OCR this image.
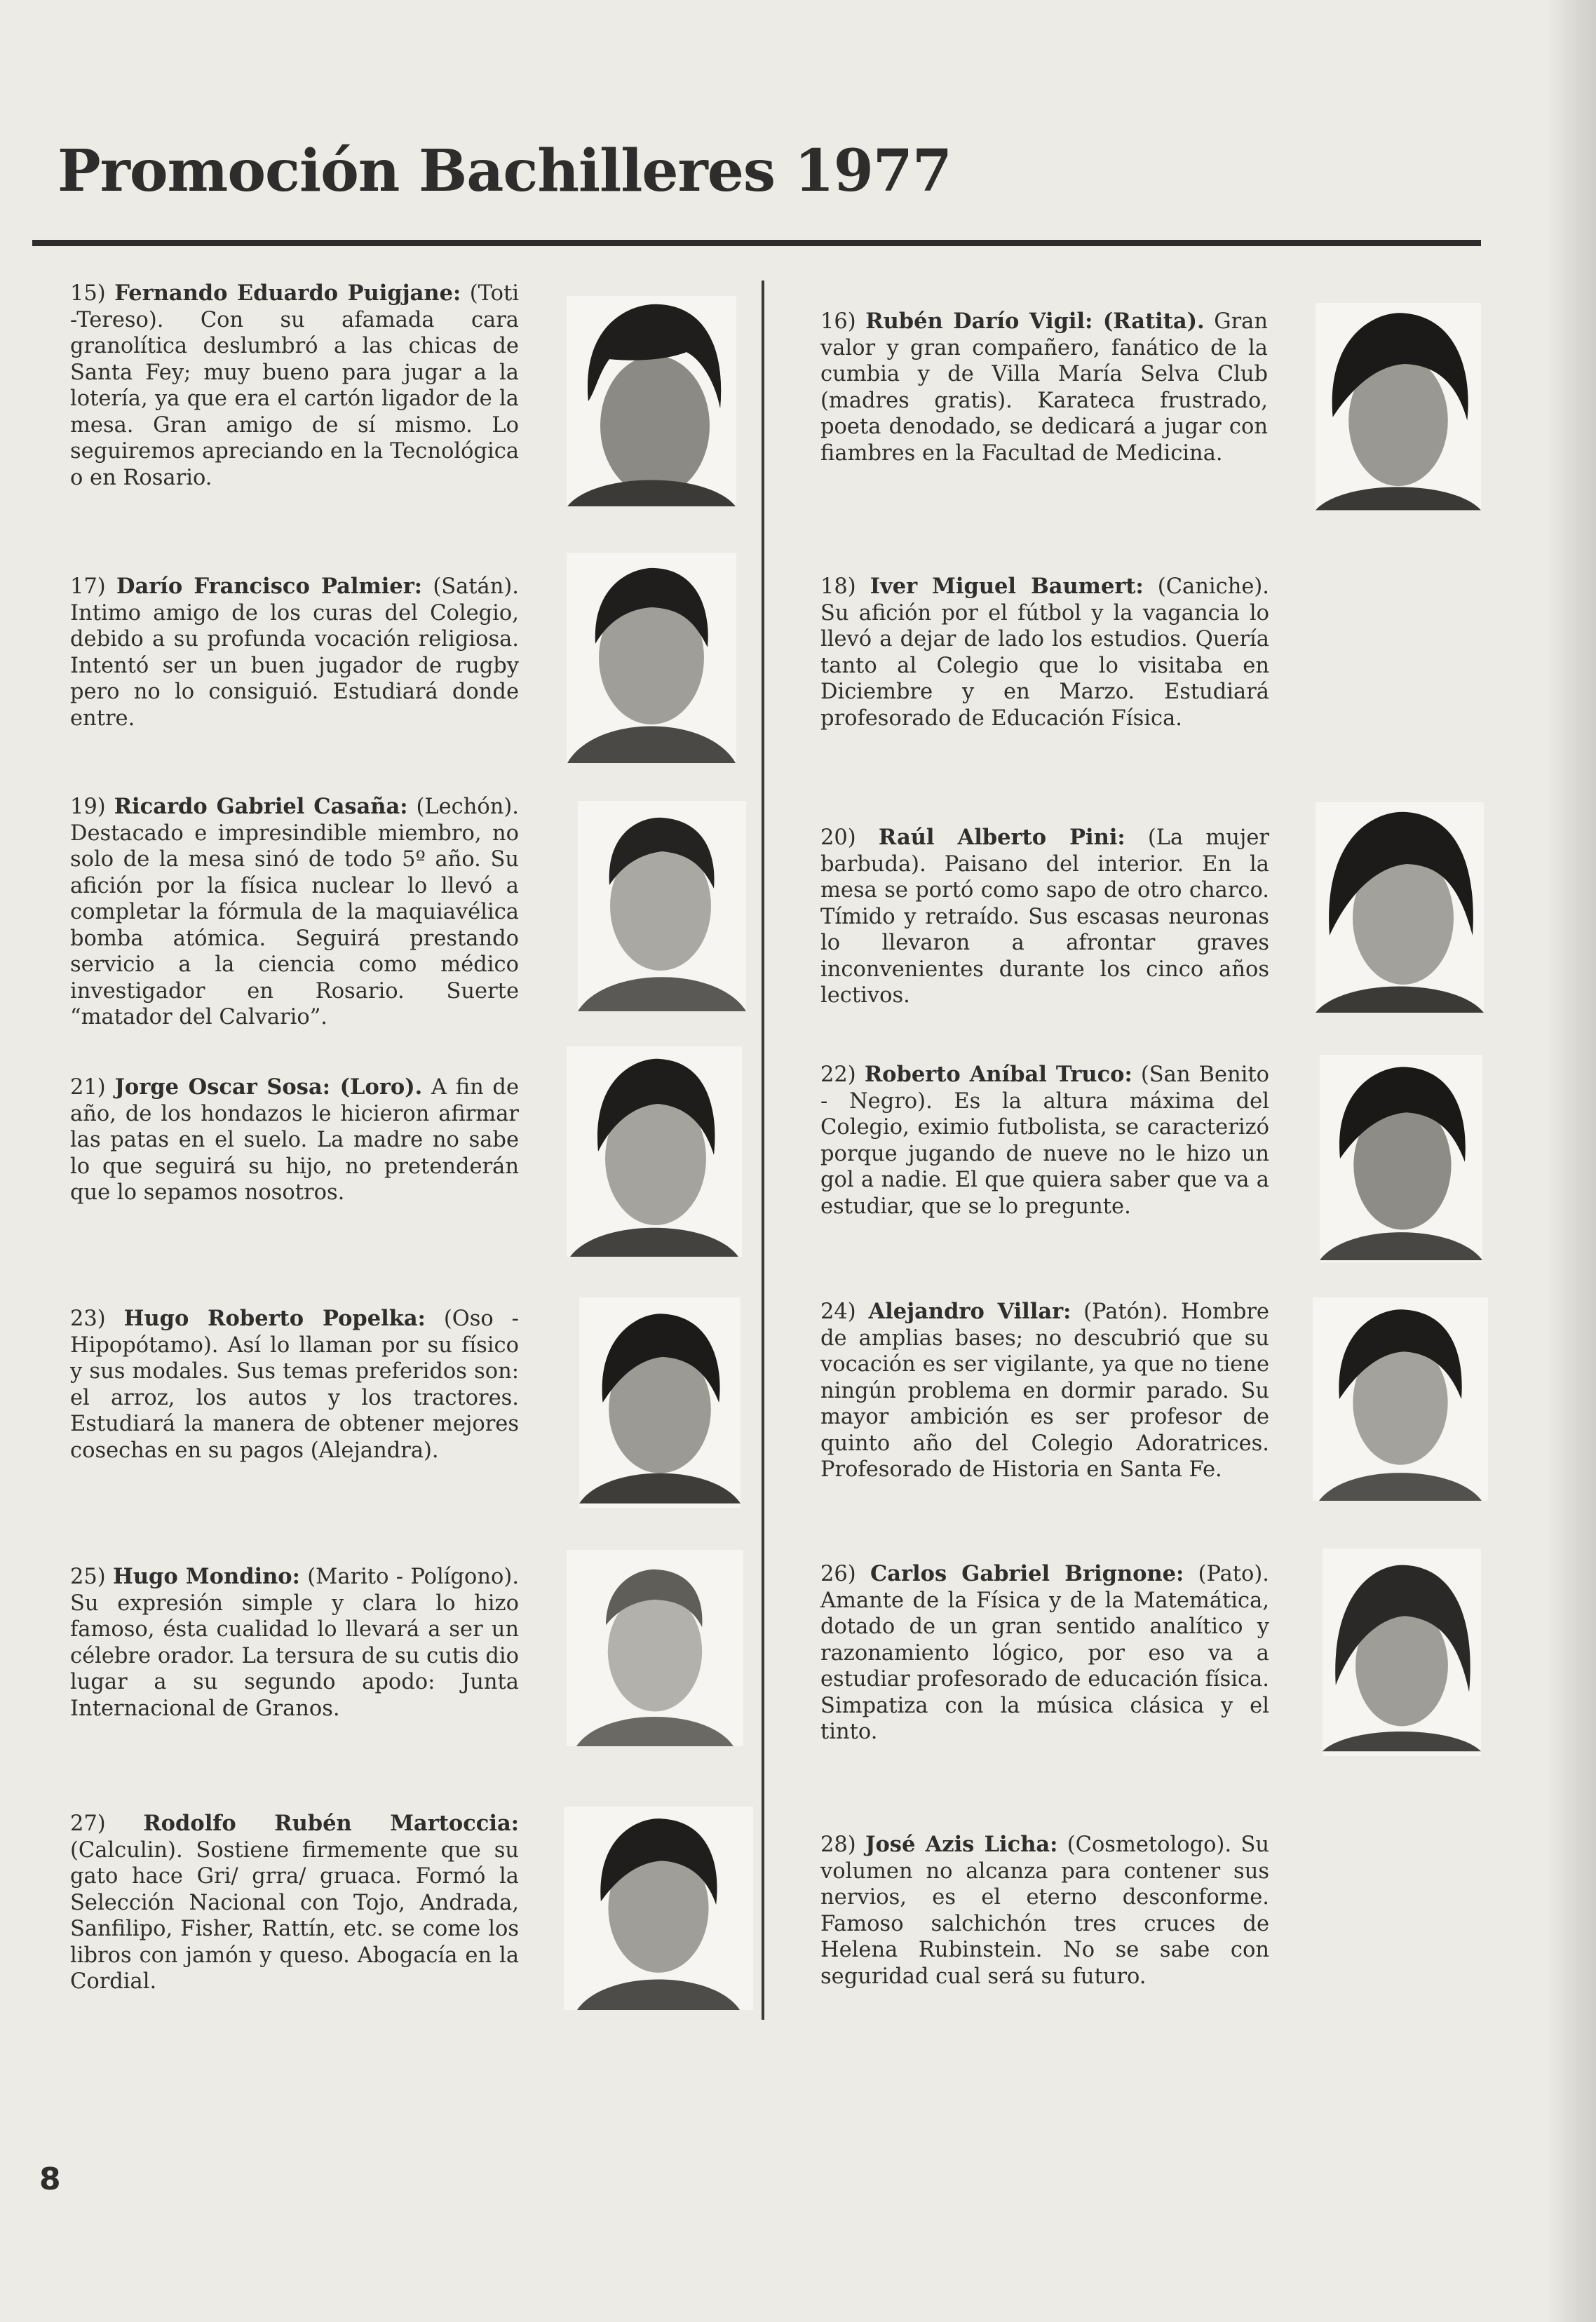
Promoción Bachilleres 1977
15) Fernando Eduardo Puigjane: (Toti -Tereso). Con su afamada cara granolítica deslumbró a las chicas de Santa Fey; muy bueno para jugar a la lotería, ya que era el cartón ligador de la mesa. Gran amigo de sí mismo. Lo seguiremos apreciando en la Tecnológica o en Rosario.
17) Darío Francisco Palmier: (Satán). Intimo amigo de los curas del Colegio, debido a su profunda vocación religiosa. Intentó ser un buen jugador de rugby pero no lo consiguió. Estudiará donde entre.
19) Ricardo Gabriel Casaña: (Lechón). Destacado e impresindible miembro, no solo de la mesa sinó de todo 5º año. Su afición por la física nuclear lo llevó a completar la fórmula de la maquiavélica bomba atómica. Seguirá prestando servicio a la ciencia como médico investigador en Rosario. Suerte “matador del Calvario”.
21) Jorge Oscar Sosa: (Loro). A fin de año, de los hondazos le hicieron afirmar las patas en el suelo. La madre no sabe lo que seguirá su hijo, no pretenderán que lo sepamos nosotros.
23) Hugo Roberto Popelka: (Oso - Hipopótamo). Así lo llaman por su físico y sus modales. Sus temas preferidos son: el arroz, los autos y los tractores. Estudiará la manera de obtener mejores cosechas en su pagos (Alejandra).
25) Hugo Mondino: (Marito - Polígono). Su expresión simple y clara lo hizo famoso, ésta cualidad lo llevará a ser un célebre orador. La tersura de su cutis dio lugar a su segundo apodo: Junta Internacional de Granos.
27) Rodolfo Rubén Martoccia: (Calculin). Sostiene firmemente que su gato hace Gri/ grra/ gruaca. Formó la Selección Nacional con Tojo, Andrada, Sanfilipo, Fisher, Rattín, etc. se come los libros con jamón y queso. Abogacía en la Cordial.
16) Rubén Darío Vigil: (Ratita). Gran valor y gran compañero, fanático de la cumbia y de Villa María Selva Club (madres gratis). Karateca frustrado, poeta denodado, se dedicará a jugar con fiambres en la Facultad de Medicina.
18) Iver Miguel Baumert: (Caniche). Su afición por el fútbol y la vagancia lo llevó a dejar de lado los estudios. Quería tanto al Colegio que lo visitaba en Diciembre y en Marzo. Estudiará profesorado de Educación Física.
20) Raúl Alberto Pini: (La mujer barbuda). Paisano del interior. En la mesa se portó como sapo de otro charco. Tímido y retraído. Sus escasas neuronas lo llevaron a afrontar graves inconvenientes durante los cinco años lectivos.
22) Roberto Aníbal Truco: (San Benito - Negro). Es la altura máxima del Colegio, eximio futbolista, se caracterizó porque jugando de nueve no le hizo un gol a nadie. El que quiera saber que va a estudiar, que se lo pregunte.
24) Alejandro Villar: (Patón). Hombre de amplias bases; no descubrió que su vocación es ser vigilante, ya que no tiene ningún problema en dormir parado. Su mayor ambición es ser profesor de quinto año del Colegio Adoratrices. Profesorado de Historia en Santa Fe.
26) Carlos Gabriel Brignone: (Pato). Amante de la Física y de la Matemática, dotado de un gran sentido analítico y razonamiento lógico, por eso va a estudiar profesorado de educación física. Simpatiza con la música clásica y el tinto.
28) José Azis Licha: (Cosmetologo). Su volumen no alcanza para contener sus nervios, es el eterno desconforme. Famoso salchichón tres cruces de Helena Rubinstein. No se sabe con seguridad cual será su futuro.
8
